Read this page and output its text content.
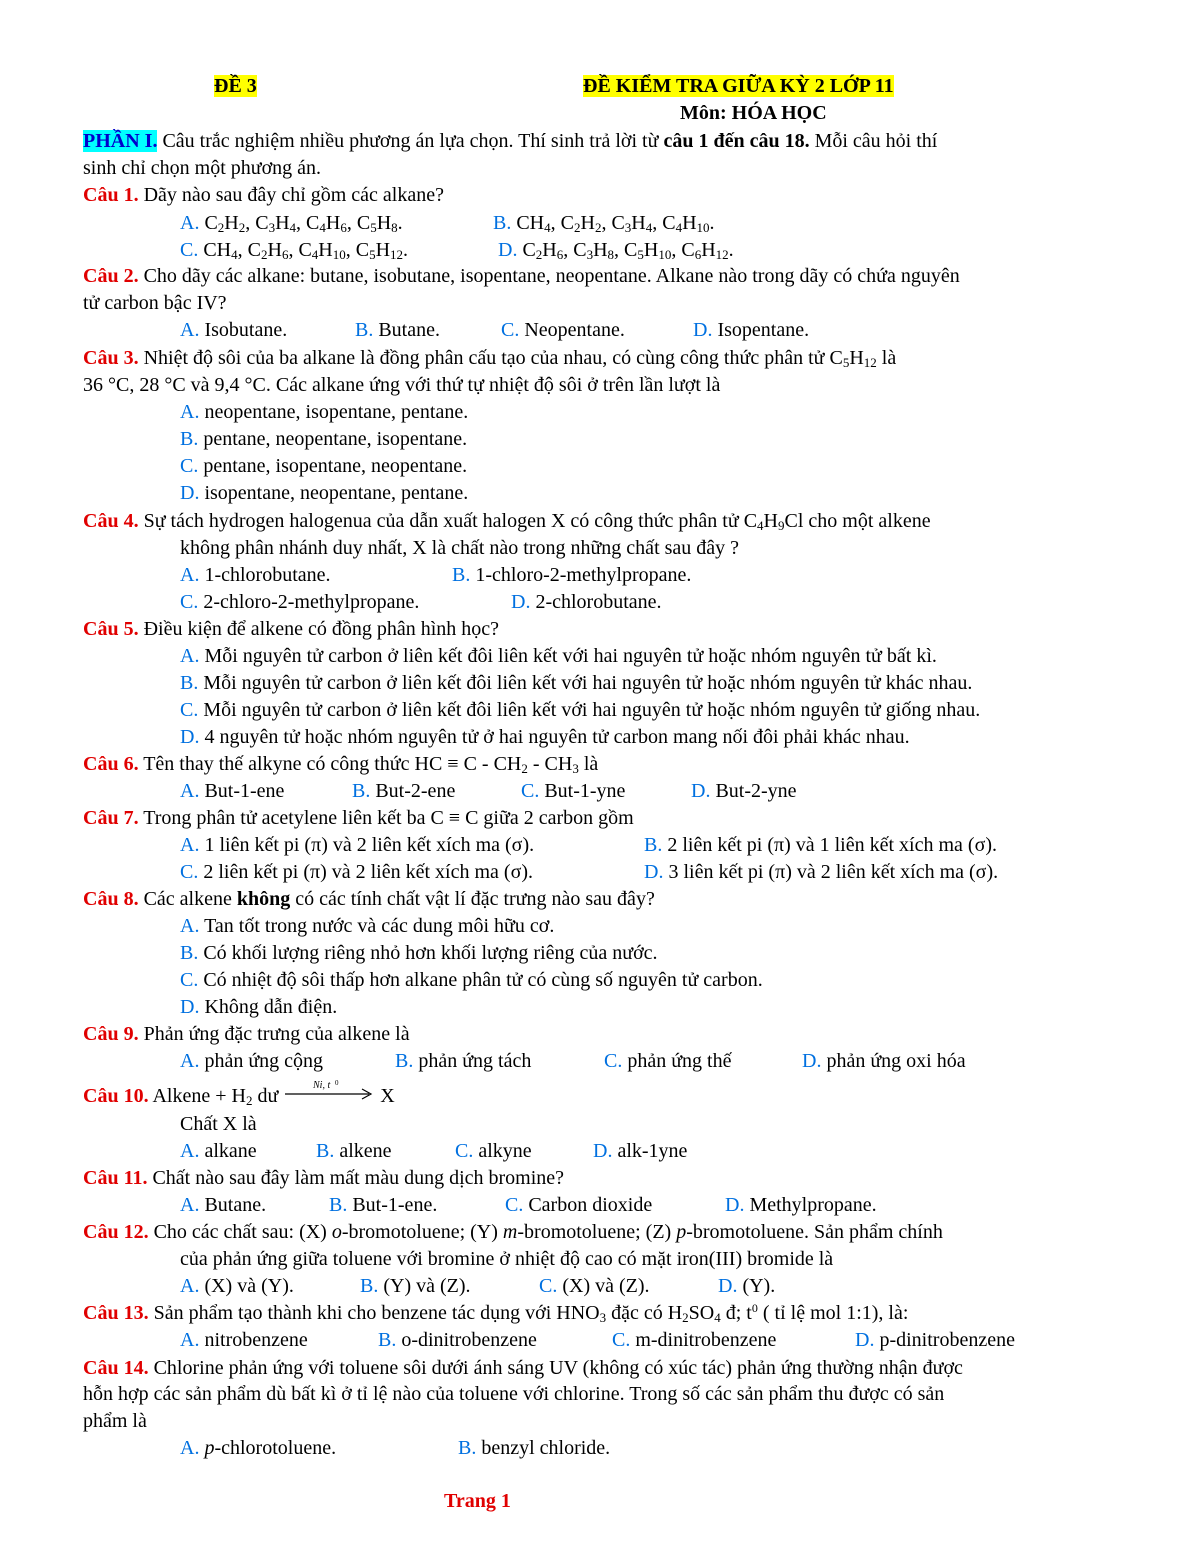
ĐỀ 3	ĐỀ KIỂM TRA GIỮA KỲ 2 LỚP 11
Môn: HÓA HỌC
PHẦN I. Câu trắc nghiệm nhiều phương án lựa chọn. Thí sinh trả lời từ câu 1 đến câu 18. Mỗi câu hỏi thí
sinh chỉ chọn một phương án.
Câu 1. Dãy nào sau đây chỉ gồm các alkane?
A. $C_2H_2$, $C_3H_4$, $C_4H_6$, $C_5H_8$.	B. $CH_4$, $C_2H_2$, $C_3H_4$, $C_4H_{10}$.
C. $CH_4$, $C_2H_6$, $C_4H_{10}$, $C_5H_{12}$.	D. $C_2H_6$, $C_3H_8$, $C_5H_{10}$, $C_6H_{12}$.
Câu 2. Cho dãy các alkane: butane, isobutane, isopentane, neopentane. Alkane nào trong dãy có chứa nguyên
tử carbon bậc IV?
A. Isobutane.	B. Butane.	C. Neopentane.	D. Isopentane.
Câu 3. Nhiệt độ sôi của ba alkane là đồng phân cấu tạo của nhau, có cùng công thức phân tử $C_5H_{12}$ là
36 °C, 28 °C và 9,4 °C. Các alkane ứng với thứ tự nhiệt độ sôi ở trên lần lượt là
A. neopentane, isopentane, pentane.
B. pentane, neopentane, isopentane.
C. pentane, isopentane, neopentane.
D. isopentane, neopentane, pentane.
Câu 4. Sự tách hydrogen halogenua của dẫn xuất halogen X có công thức phân tử $C_4H_9Cl$ cho một alkene
không phân nhánh duy nhất, X là chất nào trong những chất sau đây ?
A. 1-chlorobutane.	B. 1-chloro-2-methylpropane.
C. 2-chloro-2-methylpropane.	D. 2-chlorobutane.
Câu 5. Điều kiện để alkene có đồng phân hình học?
A. Mỗi nguyên tử carbon ở liên kết đôi liên kết với hai nguyên tử hoặc nhóm nguyên tử bất kì.
B. Mỗi nguyên tử carbon ở liên kết đôi liên kết với hai nguyên tử hoặc nhóm nguyên tử khác nhau.
C. Mỗi nguyên tử carbon ở liên kết đôi liên kết với hai nguyên tử hoặc nhóm nguyên tử giống nhau.
D. 4 nguyên tử hoặc nhóm nguyên tử ở hai nguyên tử carbon mang nối đôi phải khác nhau.
Câu 6. Tên thay thế alkyne có công thức HC ≡ C - $CH_2 - CH_3$ là
A. But-1-ene	B. But-2-ene	C. But-1-yne	D. But-2-yne
Câu 7. Trong phân tử acetylene liên kết ba C ≡ C giữa 2 carbon gồm
A. 1 liên kết pi (π) và 2 liên kết xích ma (σ).	B. 2 liên kết pi (π) và 1 liên kết xích ma (σ).
C. 2 liên kết pi (π) và 2 liên kết xích ma (σ).	D. 3 liên kết pi (π) và 2 liên kết xích ma (σ).
Câu 8. Các alkene không có các tính chất vật lí đặc trưng nào sau đây?
A. Tan tốt trong nước và các dung môi hữu cơ.
B. Có khối lượng riêng nhỏ hơn khối lượng riêng của nước.
C. Có nhiệt độ sôi thấp hơn alkane phân tử có cùng số nguyên tử carbon.
D. Không dẫn điện.
Câu 9. Phản ứng đặc trưng của alkene là
A. phản ứng cộng	B. phản ứng tách	C. phản ứng thế	D. phản ứng oxi hóa
Câu 10. Alkene + $H_2$ dư	Ni, t 0
X
Chất X là
A. alkane	B. alkene	C. alkyne	D. alk-1yne
Câu 11. Chất nào sau đây làm mất màu dung dịch bromine?
A. Butane.	B. But-1-ene.	C. Carbon dioxide	D. Methylpropane.
Câu 12. Cho các chất sau: (X) o-bromotoluene; (Y) m-bromotoluene; (Z) p-bromotoluene. Sản phẩm chính
của phản ứng giữa toluene với bromine ở nhiệt độ cao có mặt iron(III) bromide là
A. (X) và (Y).	B. (Y) và (Z).	C. (X) và (Z).	D. (Y).
Câu 13. Sản phẩm tạo thành khi cho benzene tác dụng với $HNO_3$ đặc có $H_2SO_4$ đ; $t^0$ ( tỉ lệ mol 1:1), là:
A. nitrobenzene	B. o-dinitrobenzene	C. m-dinitrobenzene	D. p-dinitrobenzene
Câu 14. Chlorine phản ứng với toluene sôi dưới ánh sáng UV (không có xúc tác) phản ứng thường nhận được
hỗn hợp các sản phẩm dù bất kì ở tỉ lệ nào của toluene với chlorine. Trong số các sản phẩm thu được có sản
phẩm là
A. p-chlorotoluene.	B. benzyl chloride.
Trang 1
